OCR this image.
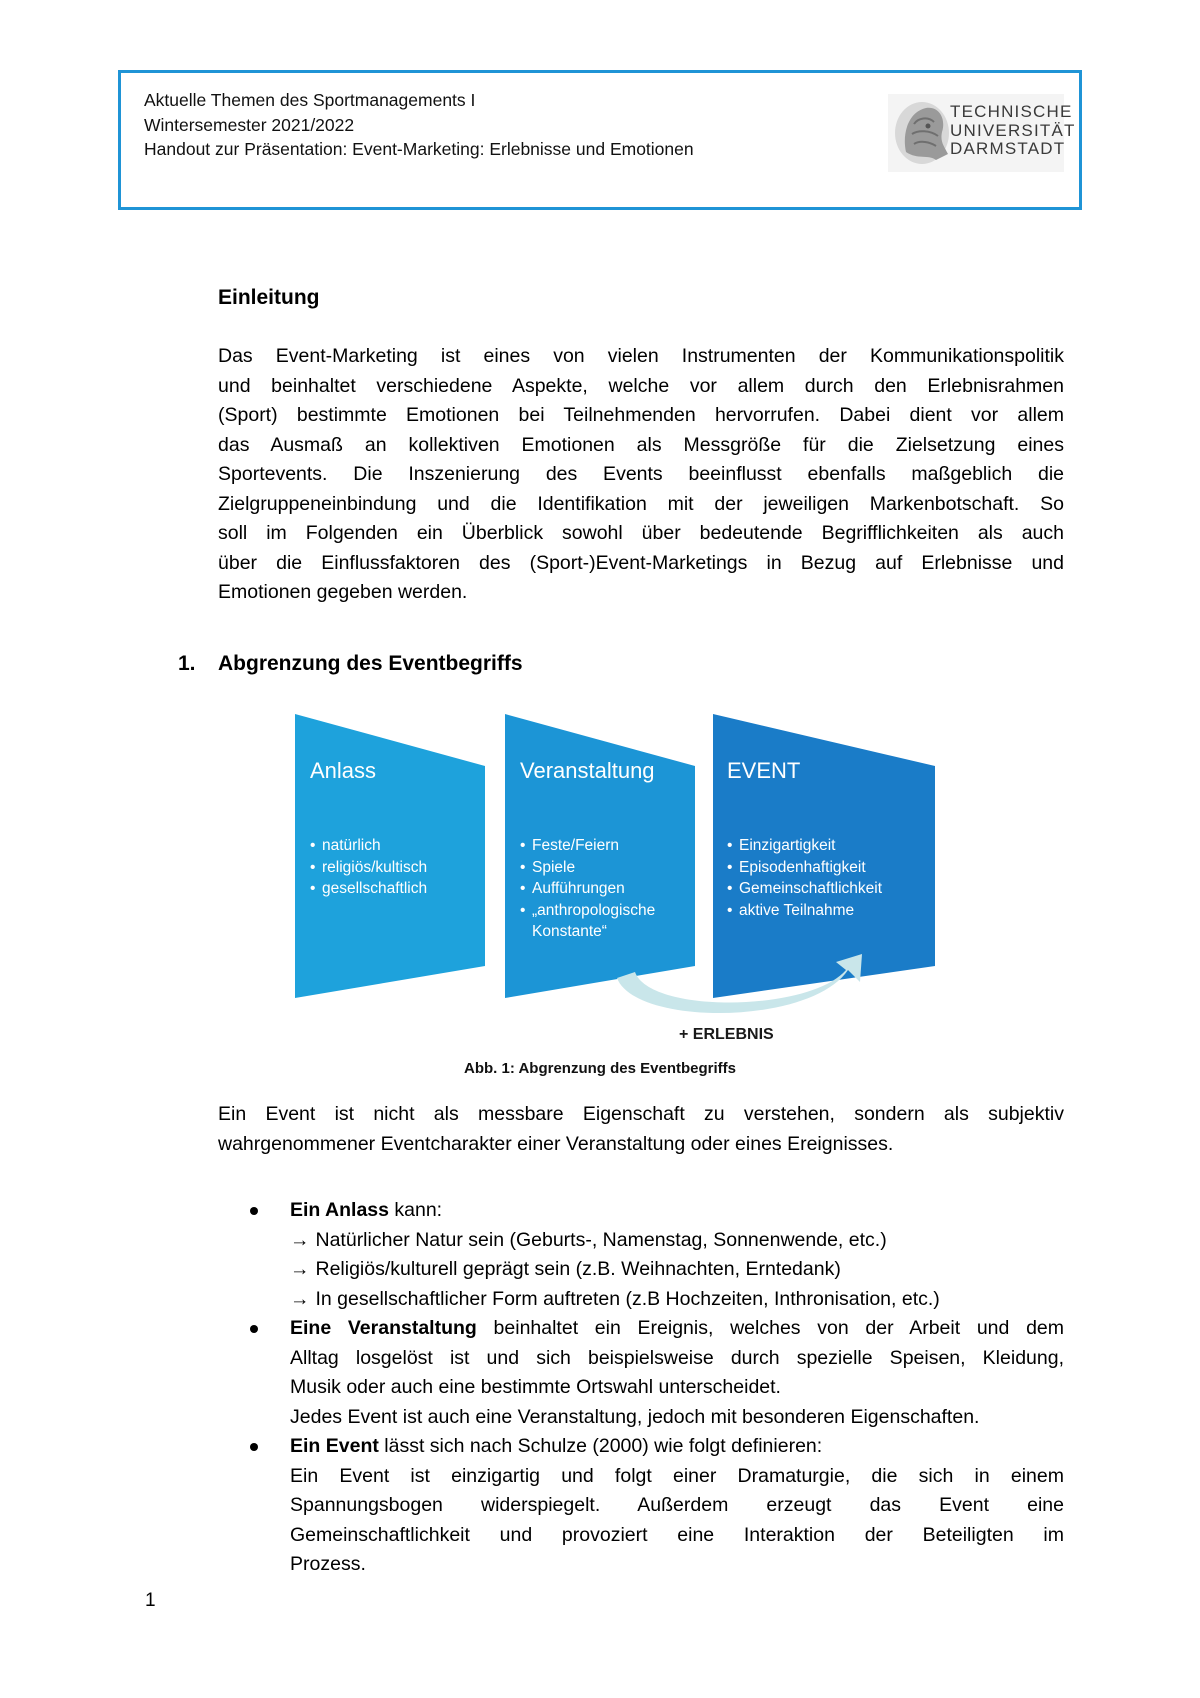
Aktuelle Themen des Sportmanagements I
Wintersemester 2021/2022
Handout zur Präsentation: Event-Marketing: Erlebnisse und Emotionen
TECHNISCHE
UNIVERSITÄT
DARMSTADT
Einleitung
Das Event-Marketing ist eines von vielen Instrumenten der Kommunikationspolitik
und beinhaltet verschiedene Aspekte, welche vor allem durch den Erlebnisrahmen
(Sport) bestimmte Emotionen bei Teilnehmenden hervorrufen. Dabei dient vor allem
das Ausmaß an kollektiven Emotionen als Messgröße für die Zielsetzung eines
Sportevents. Die Inszenierung des Events beeinflusst ebenfalls maßgeblich die
Zielgruppeneinbindung und die Identifikation mit der jeweiligen Markenbotschaft. So
soll im Folgenden ein Überblick sowohl über bedeutende Begrifflichkeiten als auch
über die Einflussfaktoren des (Sport-)Event-Marketings in Bezug auf Erlebnisse und
Emotionen gegeben werden.
1. Abgrenzung des Eventbegriffs
Anlass
• natürlich
• religiös/kultisch
• gesellschaftlich
Veranstaltung
• Feste/Feiern
• Spiele
• Aufführungen
• „anthropologische
Konstante“
EVENT
• Einzigartigkeit
• Episodenhaftigkeit
• Gemeinschaftlichkeit
• aktive Teilnahme
+ ERLEBNIS
Abb. 1: Abgrenzung des Eventbegriffs
Ein Event ist nicht als messbare Eigenschaft zu verstehen, sondern als subjektiv
wahrgenommener Eventcharakter einer Veranstaltung oder eines Ereignisses.
Ein Anlass kann:
→ Natürlicher Natur sein (Geburts-, Namenstag, Sonnenwende, etc.)
→ Religiös/kulturell geprägt sein (z.B. Weihnachten, Erntedank)
→ In gesellschaftlicher Form auftreten (z.B Hochzeiten, Inthronisation, etc.)
Eine Veranstaltung beinhaltet ein Ereignis, welches von der Arbeit und dem
Alltag losgelöst ist und sich beispielsweise durch spezielle Speisen, Kleidung,
Musik oder auch eine bestimmte Ortswahl unterscheidet.
Jedes Event ist auch eine Veranstaltung, jedoch mit besonderen Eigenschaften.
Ein Event lässt sich nach Schulze (2000) wie folgt definieren:
Ein Event ist einzigartig und folgt einer Dramaturgie, die sich in einem
Spannungsbogen widerspiegelt. Außerdem erzeugt das Event eine
Gemeinschaftlichkeit und provoziert eine Interaktion der Beteiligten im
Prozess.
1
